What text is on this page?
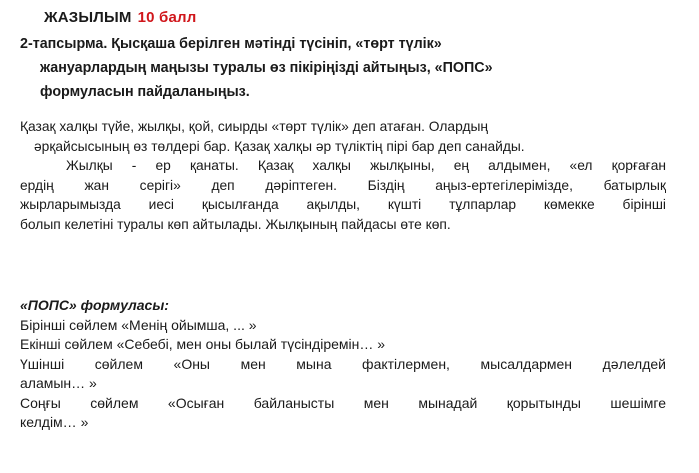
ЖАЗЫЛЫМ 10 балл
2-тапсырма. Қысқаша берілген мәтінді түсініп, «төрт түлік»
жануарлардың маңызы туралы өз пікіріңізді айтыңыз, «ПОПС»
формуласын пайдаланыңыз.
Қазақ халқы түйе, жылқы, қой, сиырды «төрт түлік» деп атаған. Олардың
әрқайсысының өз төлдері бар. Қазақ халқы әр түліктің пірі бар деп санайды.
Жылқы - ер қанаты. Қазақ халқы жылқыны, ең алдымен, «ел қорғаған
ердің жан серігі» деп дәріптеген. Біздің аңыз-ертегілерімізде, батырлық
жырларымызда иесі қысылғанда ақылды, күшті тұлпарлар көмекке бірінші
болып келетіні туралы көп айтылады. Жылқының пайдасы өте көп.
«ПОПС» формуласы:
Бірінші сөйлем «Менің ойымша, ... »
Екінші сөйлем «Себебі, мен оны былай түсіндіремін… »
Үшінші сөйлем «Оны мен мына фактілермен, мысалдармен дәлелдей
аламын… »
Соңғы сөйлем «Осыған байланысты мен мынадай қорытынды шешімге
келдім… »
